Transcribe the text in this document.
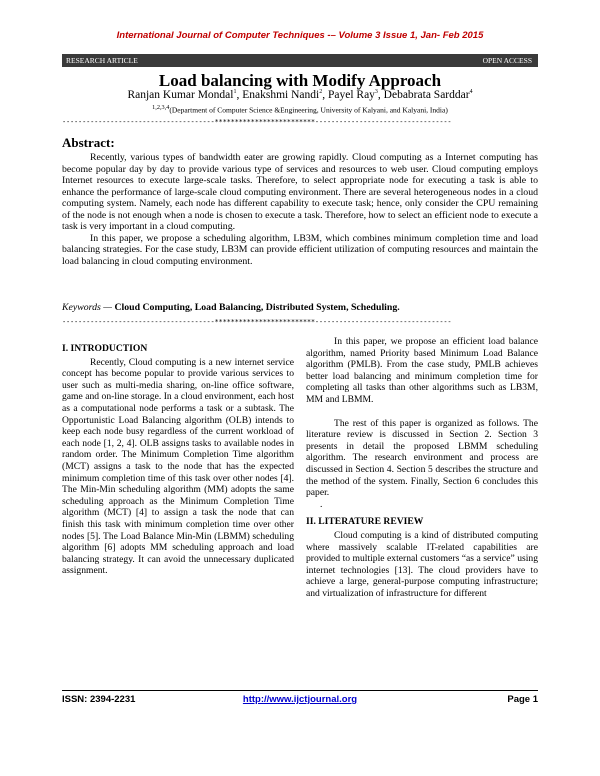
International Journal of Computer Techniques -– Volume 3 Issue 1, Jan- Feb 2015
RESEARCH ARTICLE	OPEN ACCESS
Load balancing with Modify Approach
Ranjan Kumar Mondal$^1$, Enakshmi Nandi$^2$, Payel Ray$^3$, Debabrata Sarddar$^4$
$^{1,2,3,4}$(Department of Computer Science &Engineering, University of Kalyani, and Kalyani, India)
--------------------------------------*************************----------------------------------
Abstract:

Recently, various types of bandwidth eater are growing rapidly. Cloud computing as a Internet computing has become popular day by day to provide various type of services and resources to web user. Cloud computing employs Internet resources to execute large-scale tasks. Therefore, to select appropriate node for executing a task is able to enhance the performance of large-scale cloud computing environment. There are several heterogeneous nodes in a cloud computing system. Namely, each node has different capability to execute task; hence, only consider the CPU remaining of the node is not enough when a node is chosen to execute a task. Therefore, how to select an efficient node to execute a task is very important in a cloud computing.

In this paper, we propose a scheduling algorithm, LB3M, which combines minimum completion time and load balancing strategies. For the case study, LB3M can provide efficient utilization of computing resources and maintain the load balancing in cloud computing environment.

Keywords — Cloud Computing, Load Balancing, Distributed System, Scheduling.
--------------------------------------*************************----------------------------------

I. INTRODUCTION

Recently, Cloud computing is a new internet service concept has become popular to provide various services to user such as multi-media sharing, on-line office software, game and on-line storage. In a cloud environment, each host as a computational node performs a task or a subtask. The Opportunistic Load Balancing algorithm (OLB) intends to keep each node busy regardless of the current workload of each node [1, 2, 4]. OLB assigns tasks to available nodes in random order. The Minimum Completion Time algorithm (MCT) assigns a task to the node that has the expected minimum completion time of this task over other nodes [4]. The Min-Min scheduling algorithm (MM) adopts the same scheduling approach as the Minimum Completion Time algorithm (MCT) [4] to assign a task the node that can finish this task with minimum completion time over other nodes [5]. The Load Balance Min-Min (LBMM) scheduling algorithm [6] adopts MM scheduling approach and load balancing strategy. It can avoid the unnecessary duplicated assignment.

In this paper, we propose an efficient load balance algorithm, named Priority based Minimum Load Balance algorithm (PMLB). From the case study, PMLB achieves better load balancing and minimum completion time for completing all tasks than other algorithms such as LB3M, MM and LBMM.

The rest of this paper is organized as follows. The literature review is discussed in Section 2. Section 3 presents in detail the proposed LBMM scheduling algorithm. The research environment and process are discussed in Section 4. Section 5 describes the structure and the method of the system. Finally, Section 6 concludes this paper.

.

II. LITERATURE REVIEW

Cloud computing is a kind of distributed computing where massively scalable IT-related capabilities are provided to multiple external customers “as a service” using internet technologies [13]. The cloud providers have to achieve a large, general-purpose computing infrastructure; and virtualization of infrastructure for different

ISSN: 2394-2231	http://www.ijctjournal.org	Page 1
